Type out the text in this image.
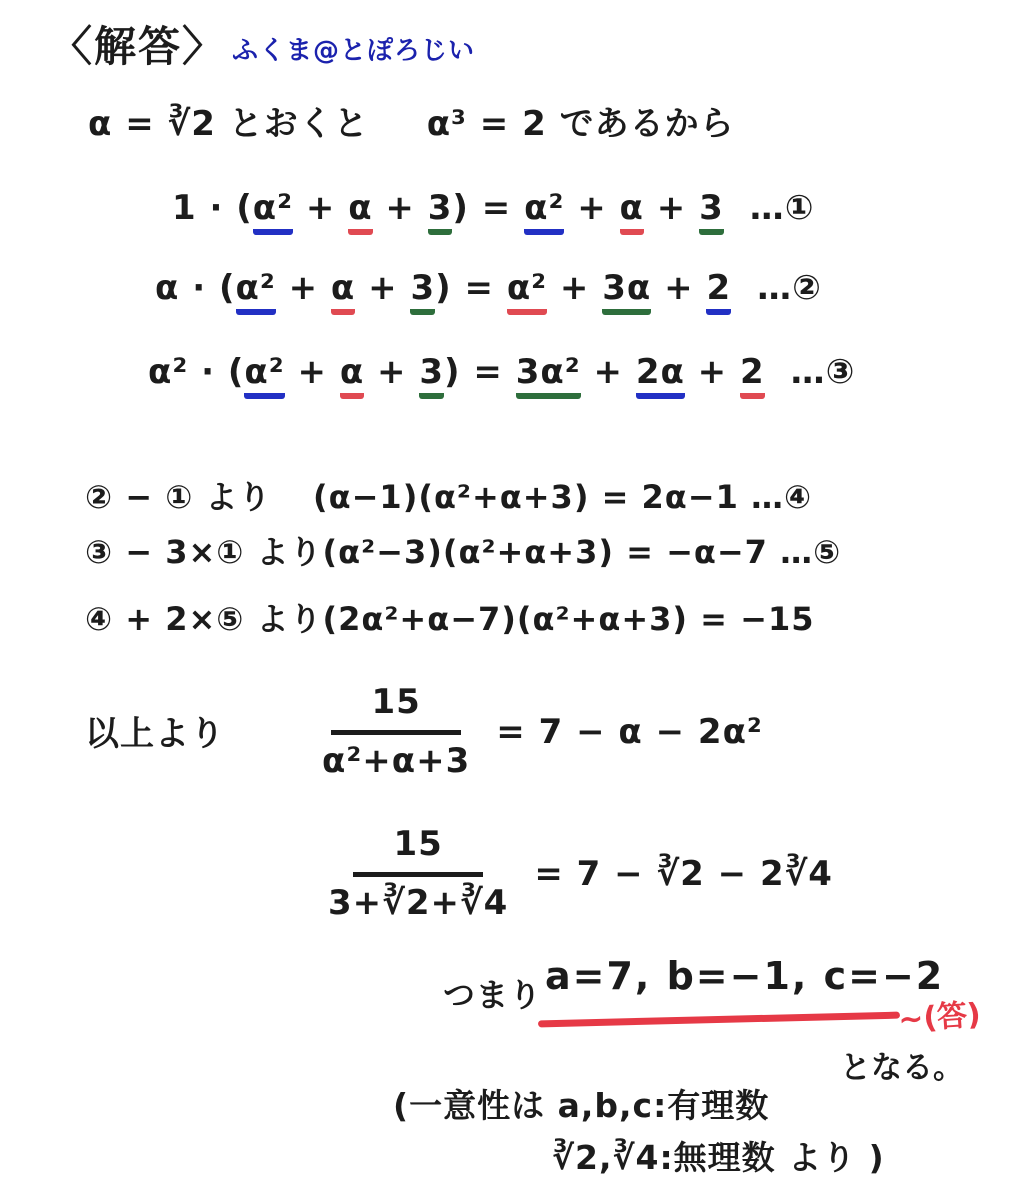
〈解答〉 ふくま@とぽろじい
α = ∛2 とおくと α³ = 2 であるから
1 · (α² + α + 3) = α² + α + 3 …①
α · (α² + α + 3) = α² + 3α + 2 …②
α² · (α² + α + 3) = 3α² + 2α + 2 …③
② − ① より (α−1)(α²+α+3) = 2α−1 …④
③ − 3×① より(α²−3)(α²+α+3) = −α−7 …⑤
④ + 2×⑤ より(2α²+α−7)(α²+α+3) = −15
以上より	$\frac{15}{\text{α²+α+3}} = 7 - \alpha - 2\alpha^2$
$\frac{15}{3+∛2+∛4} = 7$ − ∛2 − 2∛4
つまり a=7, b=−1, c=−2
~(答)
となる。
(一意性は a,b,c:有理数
∛2,∛4:無理数 より )
